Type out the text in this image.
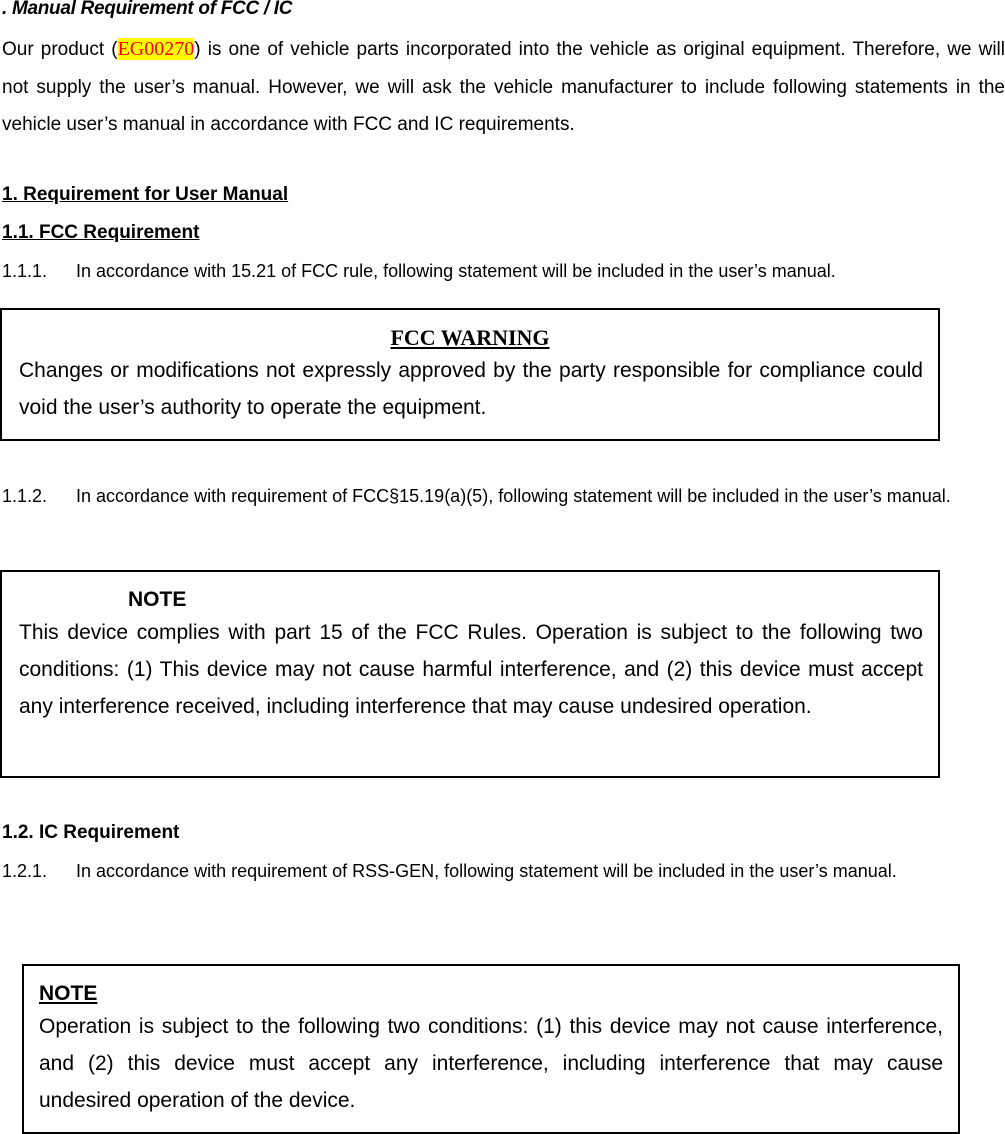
. Manual Requirement of FCC / IC
Our product (EG00270) is one of vehicle parts incorporated into the vehicle as original equipment. Therefore, we will not supply the user’s manual. However, we will ask the vehicle manufacturer to include following statements in the vehicle user’s manual in accordance with FCC and IC requirements.
1. Requirement for User Manual
1.1. FCC Requirement
1.1.1. In accordance with 15.21 of FCC rule, following statement will be included in the user’s manual.
FCC WARNING
Changes or modifications not expressly approved by the party responsible for compliance could void the user’s authority to operate the equipment.
1.1.2. In accordance with requirement of FCC§15.19(a)(5), following statement will be included in the user’s manual.
NOTE
This device complies with part 15 of the FCC Rules. Operation is subject to the following two conditions: (1) This device may not cause harmful interference, and (2) this device must accept any interference received, including interference that may cause undesired operation.
1.2. IC Requirement
1.2.1. In accordance with requirement of RSS-GEN, following statement will be included in the user’s manual.
NOTE
Operation is subject to the following two conditions: (1) this device may not cause interference, and (2) this device must accept any interference, including interference that may cause undesired operation of the device.
